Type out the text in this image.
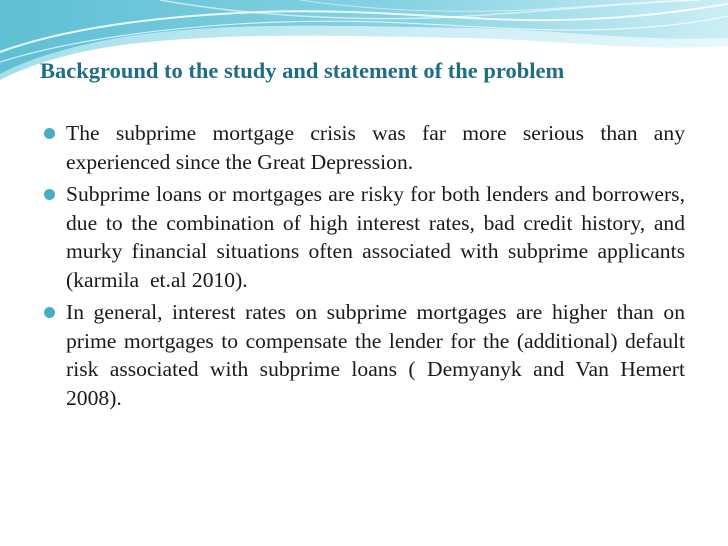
Background to the study and statement of the problem
The subprime mortgage crisis was far more serious than any experienced since the Great Depression.
Subprime loans or mortgages are risky for both lenders and borrowers, due to the combination of high interest rates, bad credit history, and murky financial situations often associated with subprime applicants (karmila  et.al 2010).
In general, interest rates on subprime mortgages are higher than on prime mortgages to compensate the lender for the (additional) default risk associated with subprime loans ( Demyanyk and Van Hemert 2008).
